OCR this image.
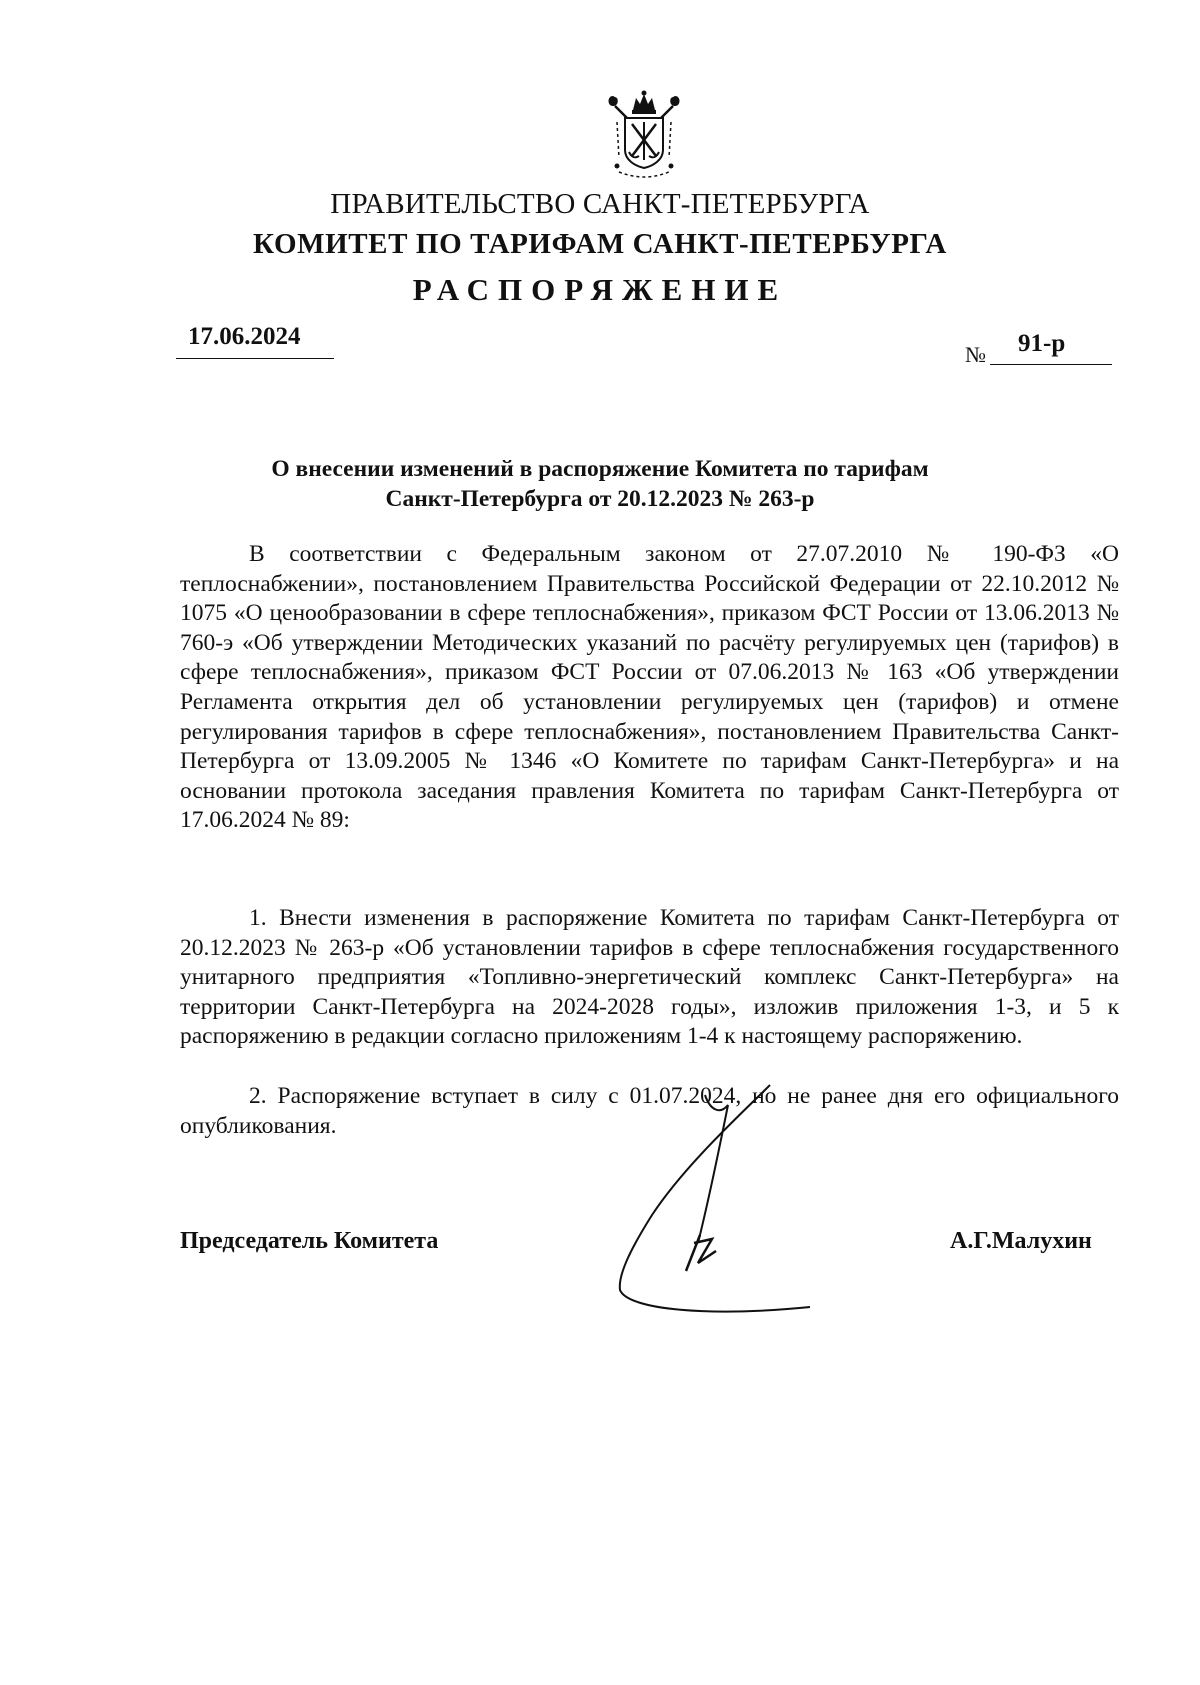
ПРАВИТЕЛЬСТВО САНКТ-ПЕТЕРБУРГА
КОМИТЕТ ПО ТАРИФАМ САНКТ-ПЕТЕРБУРГА
РАСПОРЯЖЕНИЕ
17.06.2024
№ 91-р
О внесении изменений в распоряжение Комитета по тарифам
Санкт-Петербурга от 20.12.2023 № 263-р
В соответствии с Федеральным законом от 27.07.2010 № 190-ФЗ «О теплоснабжении», постановлением Правительства Российской Федерации от 22.10.2012 № 1075 «О ценообразовании в сфере теплоснабжения», приказом ФСТ России от 13.06.2013 № 760-э «Об утверждении Методических указаний по расчёту регулируемых цен (тарифов) в сфере теплоснабжения», приказом ФСТ России от 07.06.2013 № 163 «Об утверждении Регламента открытия дел об установлении регулируемых цен (тарифов) и отмене регулирования тарифов в сфере теплоснабжения», постановлением Правительства Санкт-Петербурга от 13.09.2005 № 1346 «О Комитете по тарифам Санкт-Петербурга» и на основании протокола заседания правления Комитета по тарифам Санкт-Петербурга от 17.06.2024 № 89:
1. Внести изменения в распоряжение Комитета по тарифам Санкт-Петербурга от 20.12.2023 № 263-р «Об установлении тарифов в сфере теплоснабжения государственного унитарного предприятия «Топливно-энергетический комплекс Санкт-Петербурга» на территории Санкт-Петербурга на 2024-2028 годы», изложив приложения 1-3, и 5 к распоряжению в редакции согласно приложениям 1-4 к настоящему распоряжению.
2. Распоряжение вступает в силу с 01.07.2024, но не ранее дня его официального опубликования.
Председатель Комитета	А.Г.Малухин
